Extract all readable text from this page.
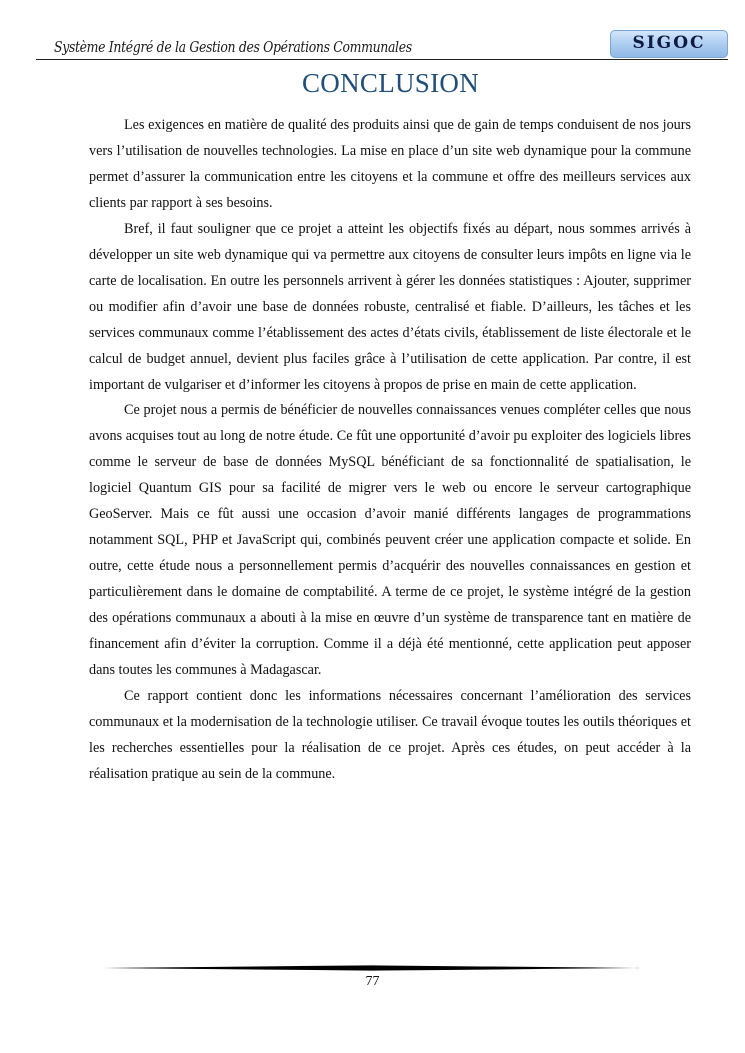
Système Intégré de la Gestion des Opérations Communales	SIGOC
CONCLUSION

Les exigences en matière de qualité des produits ainsi que de gain de temps conduisent de nos jours vers l’utilisation de nouvelles technologies. La mise en place d’un site web dynamique pour la commune permet d’assurer la communication entre les citoyens et la commune et offre des meilleurs services aux clients par rapport à ses besoins.

Bref, il faut souligner que ce projet a atteint les objectifs fixés au départ, nous sommes arrivés à développer un site web dynamique qui va permettre aux citoyens de consulter leurs impôts en ligne via le carte de localisation. En outre les personnels arrivent à gérer les données statistiques : Ajouter, supprimer ou modifier afin d’avoir une base de données robuste, centralisé et fiable. D’ailleurs, les tâches et les services communaux comme l’établissement des actes d’états civils, établissement de liste électorale et le calcul de budget annuel, devient plus faciles grâce à l’utilisation de cette application. Par contre, il est important de vulgariser et d’informer les citoyens à propos de prise en main de cette application.

Ce projet nous a permis de bénéficier de nouvelles connaissances venues compléter celles que nous avons acquises tout au long de notre étude. Ce fût une opportunité d’avoir pu exploiter des logiciels libres comme le serveur de base de données MySQL bénéficiant de sa fonctionnalité de spatialisation, le logiciel Quantum GIS pour sa facilité de migrer vers le web ou encore le serveur cartographique GeoServer. Mais ce fût aussi une occasion d’avoir manié différents langages de programmations notamment SQL, PHP et JavaScript qui, combinés peuvent créer une application compacte et solide. En outre, cette étude nous a personnellement permis d’acquérir des nouvelles connaissances en gestion et particulièrement dans le domaine de comptabilité. A terme de ce projet, le système intégré de la gestion des opérations communaux a abouti à la mise en œuvre d’un système de transparence tant en matière de financement afin d’éviter la corruption. Comme il a déjà été mentionné, cette application peut apposer dans toutes les communes à Madagascar.

Ce rapport contient donc les informations nécessaires concernant l’amélioration des services communaux et la modernisation de la technologie utiliser. Ce travail évoque toutes les outils théoriques et les recherches essentielles pour la réalisation de ce projet. Après ces études, on peut accéder à la réalisation pratique au sein de la commune.

77
